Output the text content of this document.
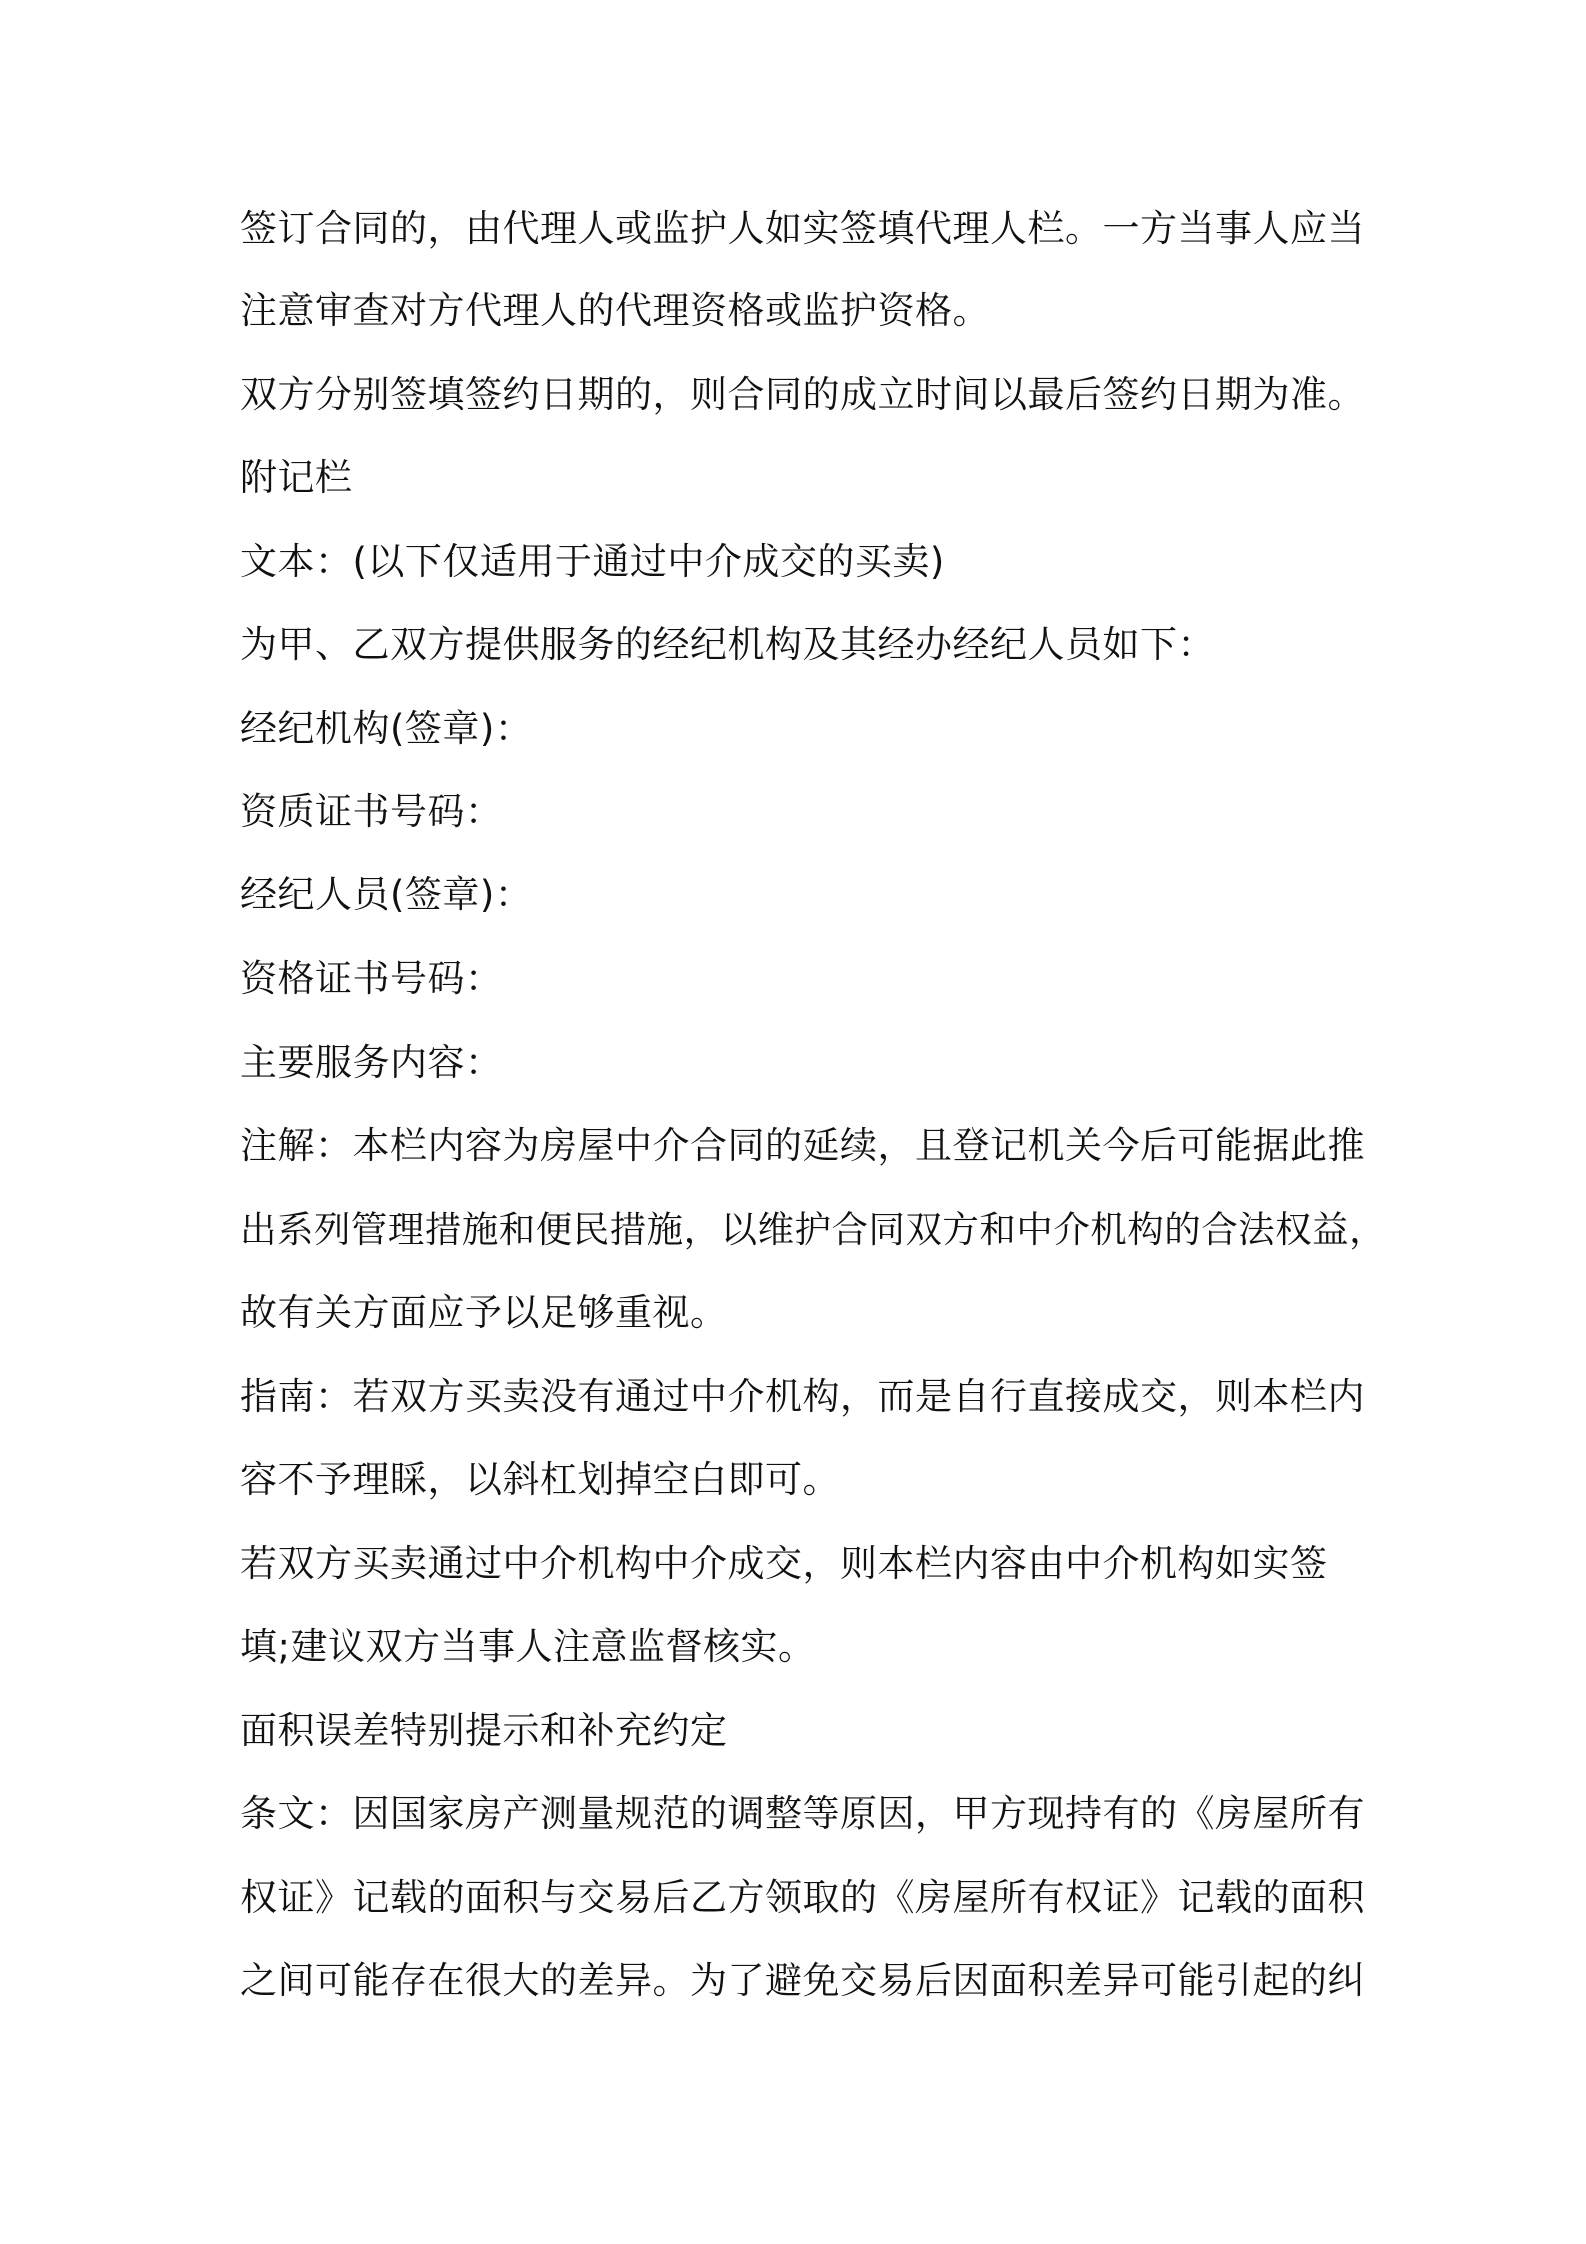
签订合同的，由代理人或监护人如实签填代理人栏。一方当事人应当
注意审查对方代理人的代理资格或监护资格。
双方分别签填签约日期的，则合同的成立时间以最后签约日期为准。
附记栏
文本：(以下仅适用于通过中介成交的买卖)
为甲、乙双方提供服务的经纪机构及其经办经纪人员如下：
经纪机构(签章)：
资质证书号码：
经纪人员(签章)：
资格证书号码：
主要服务内容：
注解：本栏内容为房屋中介合同的延续，且登记机关今后可能据此推
出系列管理措施和便民措施，以维护合同双方和中介机构的合法权益，
故有关方面应予以足够重视。
指南：若双方买卖没有通过中介机构，而是自行直接成交，则本栏内
容不予理睬，以斜杠划掉空白即可。
若双方买卖通过中介机构中介成交，则本栏内容由中介机构如实签
填;建议双方当事人注意监督核实。
面积误差特别提示和补充约定
条文：因国家房产测量规范的调整等原因，甲方现持有的《房屋所有
权证》记载的面积与交易后乙方领取的《房屋所有权证》记载的面积
之间可能存在很大的差异。为了避免交易后因面积差异可能引起的纠
